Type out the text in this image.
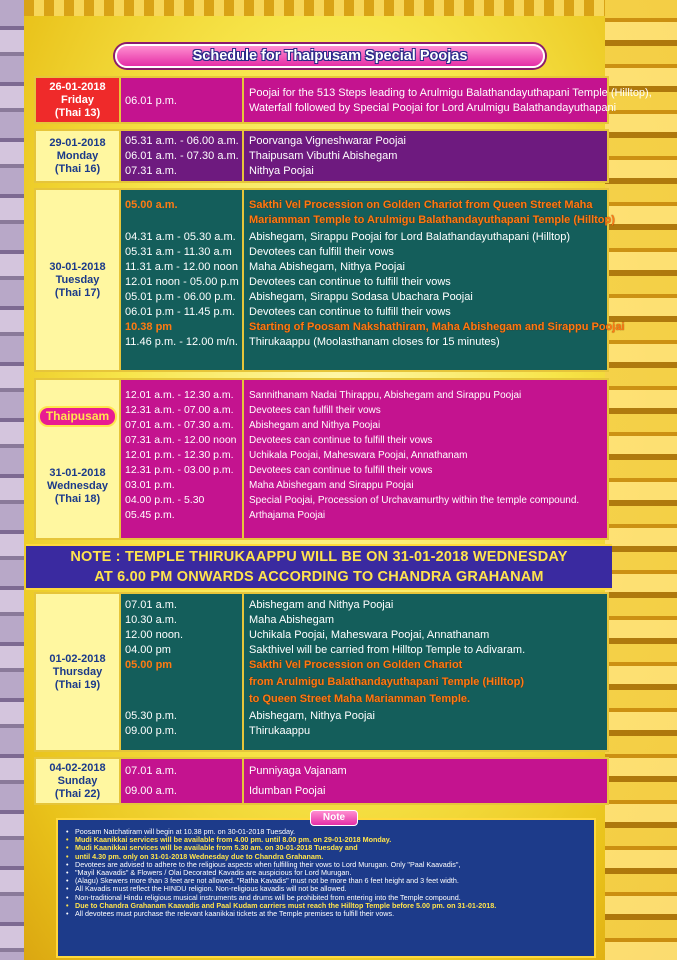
Schedule for Thaipusam Special Poojas
26-01-2018
Friday
(Thai 13)
06.01 p.m.
Poojai for the 513 Steps leading to Arulmigu Balathandayuthapani Temple (Hilltop),
Waterfall followed by Special Poojai for Lord Arulmigu Balathandayuthapani
29-01-2018
Monday
(Thai 16)
05.31 a.m. - 06.00 a.m.
06.01 a.m. - 07.30 a.m.
07.31 a.m.
Poorvanga Vigneshwarar Poojai
Thaipusam Vibuthi Abishegam
Nithya Poojai
30-01-2018
Tuesday
(Thai 17)
05.00 a.m.
04.31 a.m - 05.30 a.m.
05.31 a.m - 11.30 a.m
11.31 a.m - 12.00 noon
12.01 noon - 05.00 p.m
05.01 p.m - 06.00 p.m.
06.01 p.m - 11.45 p.m.
10.38 pm
11.46 p.m. - 12.00 m/n.
Sakthi Vel Procession on Golden Chariot from Queen Street Maha
Mariamman Temple to Arulmigu Balathandayuthapani Temple (Hilltop)
Abishegam, Sirappu Poojai for Lord Balathandayuthapani (Hilltop)
Devotees can fulfill their vows
Maha Abishegam, Nithya Poojai
Devotees can continue to fulfill their vows
Abishegam, Sirappu Sodasa Ubachara Poojai
Devotees can continue to fulfill their vows
Starting of Poosam Nakshathiram, Maha Abishegam and Sirappu Poojai
Thirukaappu (Moolasthanam closes for 15 minutes)
Thaipusam
31-01-2018
Wednesday
(Thai 18)
12.01 a.m. - 12.30 a.m.
12.31 a.m. - 07.00 a.m.
07.01 a.m. - 07.30 a.m.
07.31 a.m. - 12.00 noon
12.01 p.m. - 12.30 p.m.
12.31 p.m. - 03.00 p.m.
03.01 p.m.
04.00 p.m. - 5.30
05.45 p.m.
Sannithanam Nadai Thirappu, Abishegam and Sirappu Poojai
Devotees can fulfill their vows
Abishegam and Nithya Poojai
Devotees can continue to fulfill their vows
Uchikala Poojai, Maheswara Poojai, Annathanam
Devotees can continue to fulfill their vows
Maha Abishegam and Sirappu Poojai
Special Poojai, Procession of Urchavamurthy within the temple compound.
Arthajama Poojai
NOTE : TEMPLE THIRUKAAPPU WILL BE ON 31-01-2018 WEDNESDAY
AT 6.00 PM ONWARDS ACCORDING TO CHANDRA GRAHANAM
01-02-2018
Thursday
(Thai 19)
07.01 a.m.
10.30 a.m.
12.00 noon.
04.00 pm
05.00 pm
05.30 p.m.
09.00 p.m.
Abishegam and Nithya Poojai
Maha Abishegam
Uchikala Poojai, Maheswara Poojai, Annathanam
Sakthivel will be carried from Hilltop Temple to Adivaram.
Sakthi Vel Procession on Golden Chariot
from Arulmigu Balathandayuthapani Temple (Hilltop)
to Queen Street Maha Mariamman Temple.
Abishegam, Nithya Poojai
Thirukaappu
04-02-2018
Sunday
(Thai 22)
07.01 a.m.
09.00 a.m.
Punniyaga Vajanam
Idumban Poojai
• Poosam Natchatiram will begin at 10.38 pm. on 30-01-2018 Tuesday.
• Mudi Kaanikkai services will be available from 4.00 pm. until 8.00 pm. on 29-01-2018 Monday.
• Mudi Kaanikkai services will be available from 5.30 am. on 30-01-2018 Tuesday and
• until 4.30 pm. only on 31-01-2018 Wednesday due to Chandra Grahanam.
• Devotees are advised to adhere to the religious aspects when fulfilling their vows to Lord Murugan. Only "Paal Kaavadis",
• "Mayil Kaavadis" & Flowers / Olai Decorated Kavadis are auspicious for Lord Murugan.
• (Alagu) Skewers more than 3 feet are not allowed. "Ratha Kavadis" must not be more than 6 feet height and 3 feet width.
• All Kavadis must reflect the HINDU religion. Non-religious kavadis will not be allowed.
• Non-traditional Hindu religious musical instruments and drums will be prohibited from entering into the Temple compound.
• Due to Chandra Grahanam Kaavadis and Paal Kudam carriers must reach the Hilltop Temple before 5.00 pm. on 31-01-2018.
• All devotees must purchase the relevant kaanikkai tickets at the Temple premises to fulfill their vows.
Note
